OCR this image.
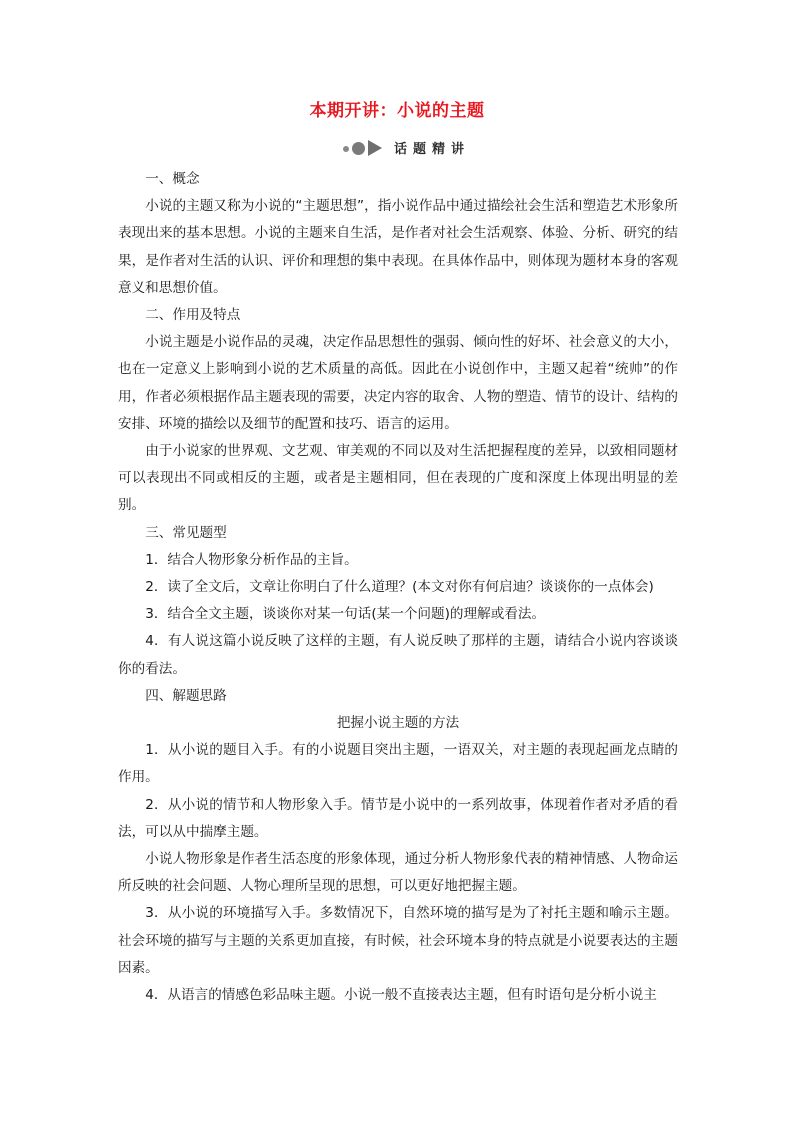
本期开讲：小说的主题
话题精讲

一、概念

小说的主题又称为小说的“主题思想”，指小说作品中通过描绘社会生活和塑造艺术形象所表现出来的基本思想。小说的主题来自生活，是作者对社会生活观察、体验、分析、研究的结果，是作者对生活的认识、评价和理想的集中表现。在具体作品中，则体现为题材本身的客观意义和思想价值。

二、作用及特点

小说主题是小说作品的灵魂，决定作品思想性的强弱、倾向性的好坏、社会意义的大小，也在一定意义上影响到小说的艺术质量的高低。因此在小说创作中，主题又起着“统帅”的作用，作者必须根据作品主题表现的需要，决定内容的取舍、人物的塑造、情节的设计、结构的安排、环境的描绘以及细节的配置和技巧、语言的运用。

由于小说家的世界观、文艺观、审美观的不同以及对生活把握程度的差异，以致相同题材可以表现出不同或相反的主题，或者是主题相同，但在表现的广度和深度上体现出明显的差别。

三、常见题型

1．结合人物形象分析作品的主旨。

2．读了全文后，文章让你明白了什么道理？(本文对你有何启迪？谈谈你的一点体会)

3．结合全文主题，谈谈你对某一句话(某一个问题)的理解或看法。

4．有人说这篇小说反映了这样的主题，有人说反映了那样的主题，请结合小说内容谈谈你的看法。

四、解题思路

把握小说主题的方法

1．从小说的题目入手。有的小说题目突出主题，一语双关，对主题的表现起画龙点睛的作用。

2．从小说的情节和人物形象入手。情节是小说中的一系列故事，体现着作者对矛盾的看法，可以从中揣摩主题。

小说人物形象是作者生活态度的形象体现，通过分析人物形象代表的精神情感、人物命运所反映的社会问题、人物心理所呈现的思想，可以更好地把握主题。

3．从小说的环境描写入手。多数情况下，自然环境的描写是为了衬托主题和喻示主题。社会环境的描写与主题的关系更加直接，有时候，社会环境本身的特点就是小说要表达的主题因素。

4．从语言的情感色彩品味主题。小说一般不直接表达主题，但有时语句是分析小说主
